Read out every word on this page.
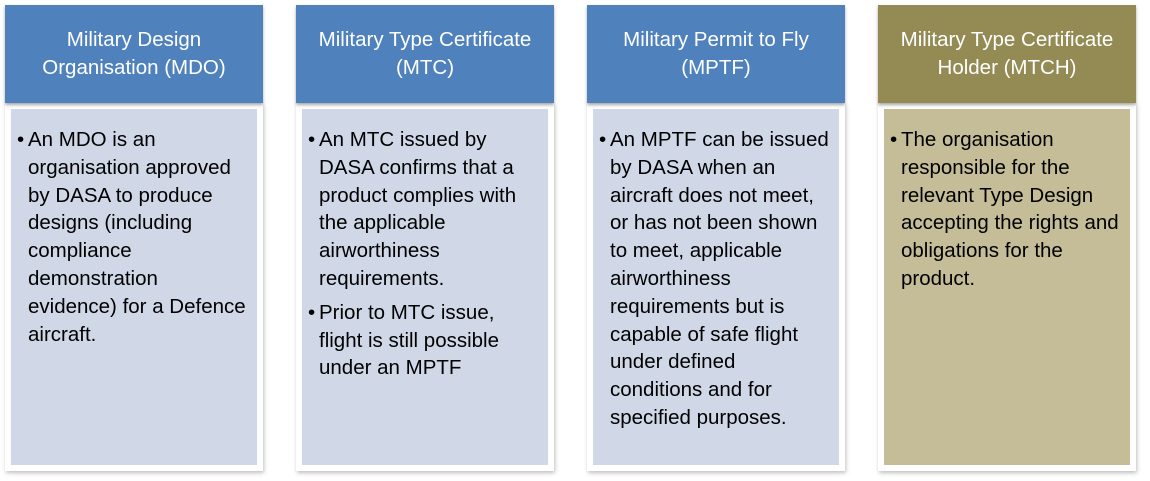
Military Design Organisation (MDO)
• An MDO is an organisation approved by DASA to produce designs (including compliance demonstration evidence) for a Defence aircraft.
Military Type Certificate (MTC)
• An MTC issued by DASA confirms that a product complies with the applicable airworthiness requirements.
• Prior to MTC issue, flight is still possible under an MPTF
Military Permit to Fly (MPTF)
• An MPTF can be issued by DASA when an aircraft does not meet, or has not been shown to meet, applicable airworthiness requirements but is capable of safe flight under defined conditions and for specified purposes.
Military Type Certificate Holder (MTCH)
• The organisation responsible for the relevant Type Design accepting the rights and obligations for the product.
